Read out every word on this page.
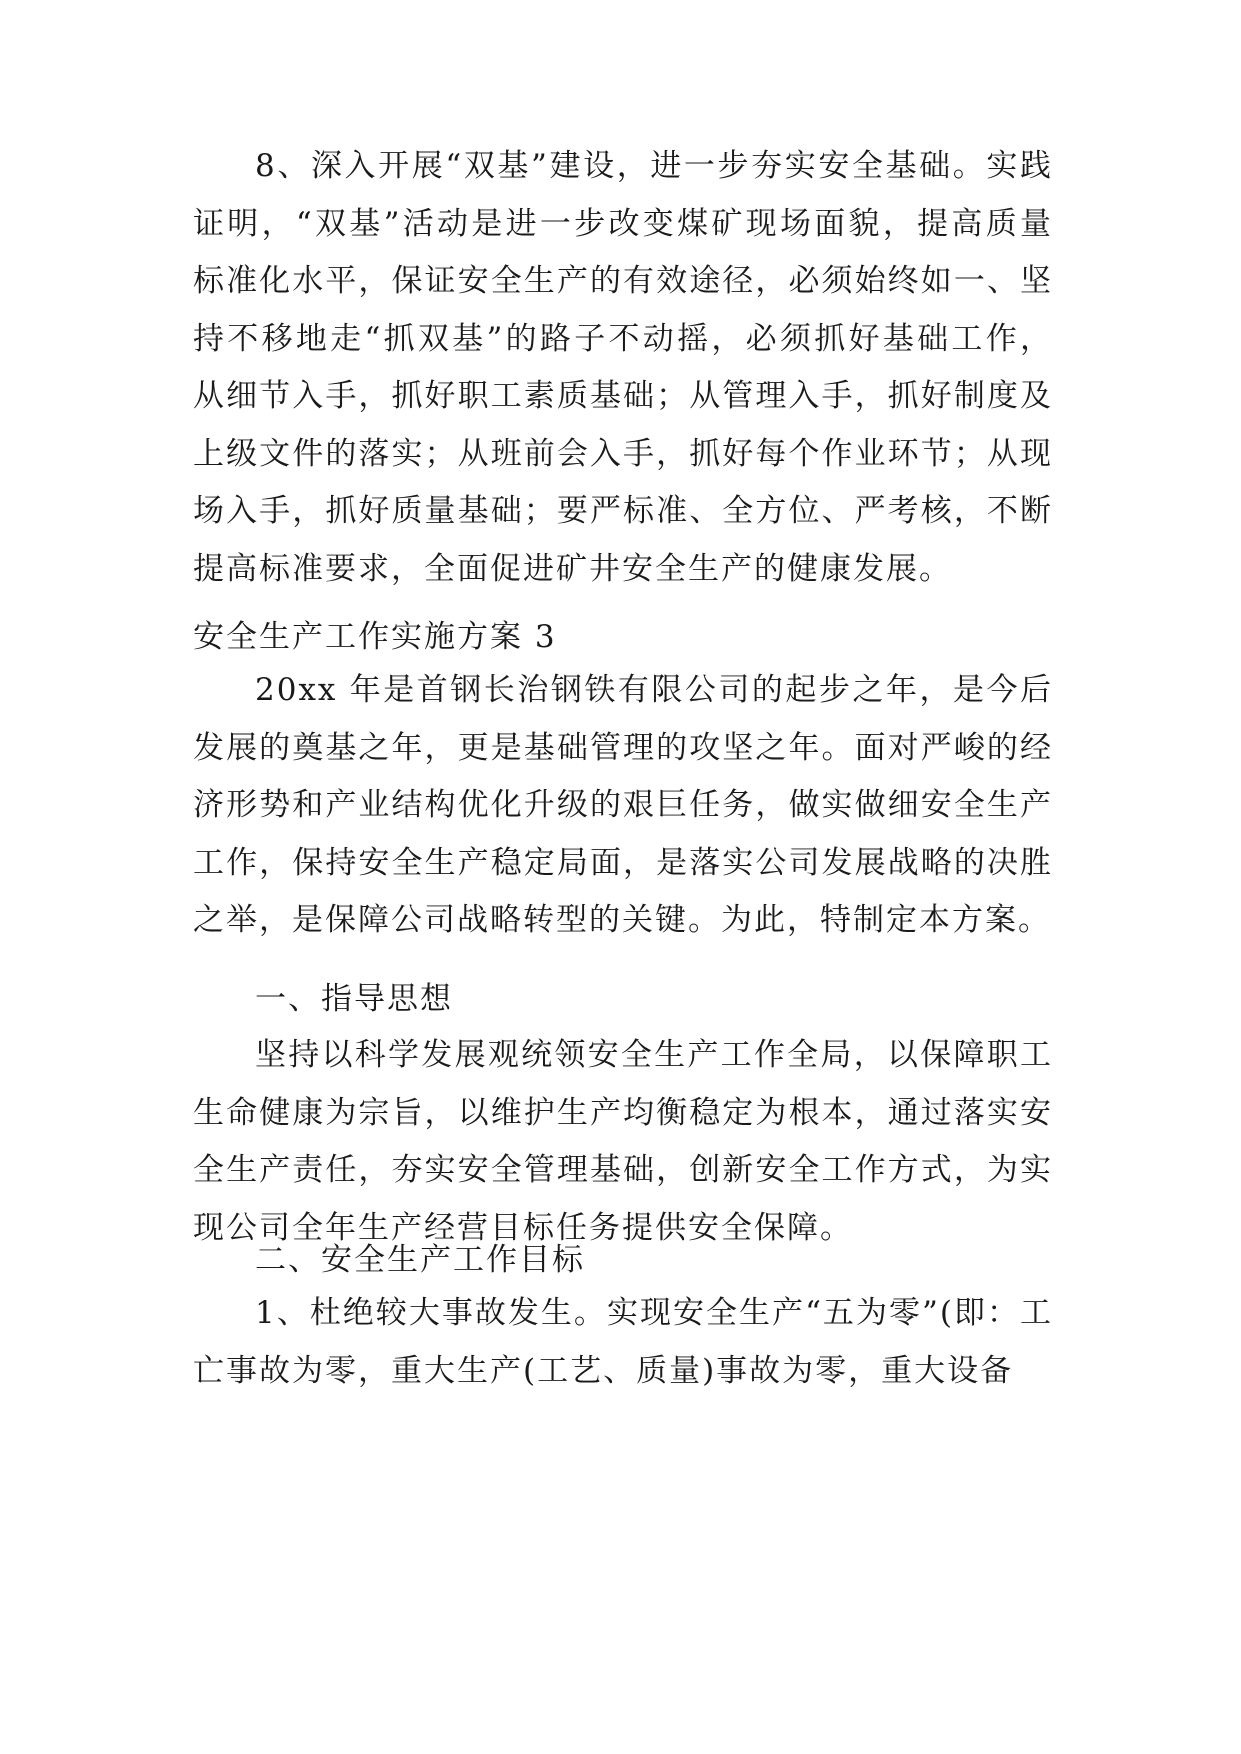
8、深入开展“双基”建设，进一步夯实安全基础。实践证明，“双基”活动是进一步改变煤矿现场面貌，提高质量标准化水平，保证安全生产的有效途径，必须始终如一、坚持不移地走“抓双基”的路子不动摇，必须抓好基础工作，从细节入手，抓好职工素质基础；从管理入手，抓好制度及上级文件的落实；从班前会入手，抓好每个作业环节；从现场入手，抓好质量基础；要严标准、全方位、严考核，不断提高标准要求，全面促进矿井安全生产的健康发展。

安全生产工作实施方案 3

20xx 年是首钢长治钢铁有限公司的起步之年，是今后发展的奠基之年，更是基础管理的攻坚之年。面对严峻的经济形势和产业结构优化升级的艰巨任务，做实做细安全生产工作，保持安全生产稳定局面，是落实公司发展战略的决胜之举，是保障公司战略转型的关键。为此，特制定本方案。

一、指导思想

坚持以科学发展观统领安全生产工作全局，以保障职工生命健康为宗旨，以维护生产均衡稳定为根本，通过落实安全生产责任，夯实安全管理基础，创新安全工作方式，为实现公司全年生产经营目标任务提供安全保障。

二、安全生产工作目标

1、杜绝较大事故发生。实现安全生产“五为零”(即：工亡事故为零，重大生产(工艺、质量)事故为零，重大设备
